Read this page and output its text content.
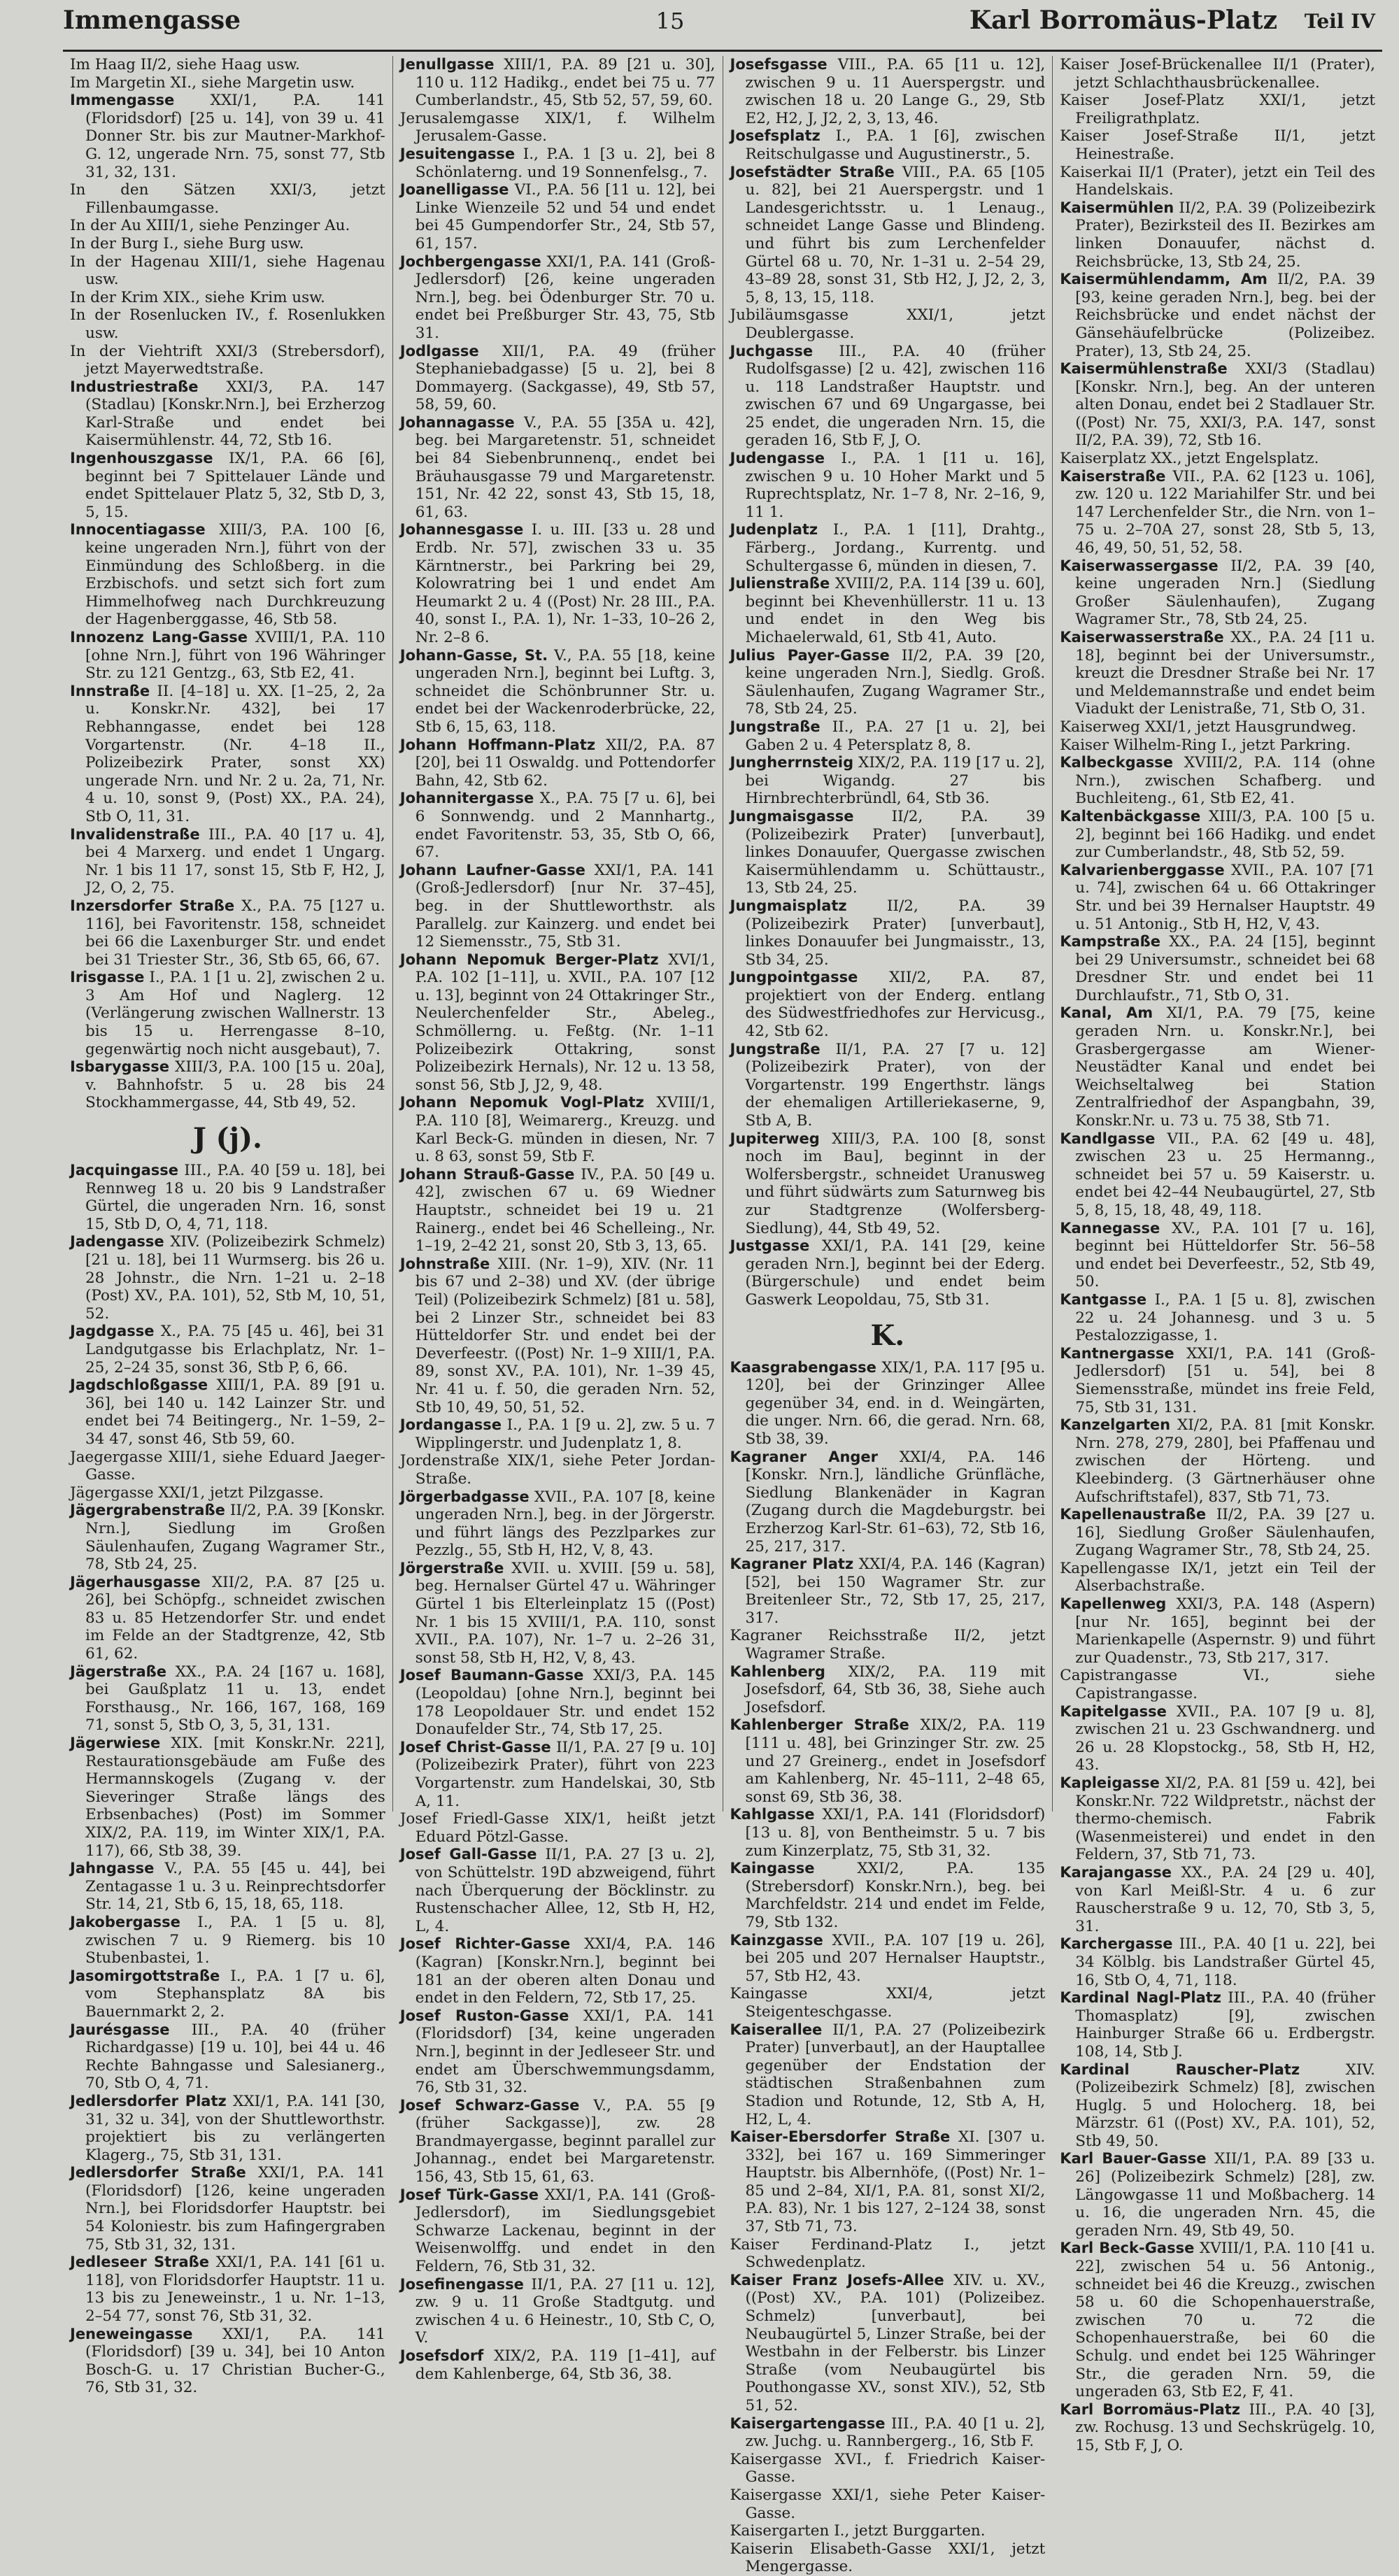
Immengasse	15	Karl Borromäus-Platz	Teil IV

Im Haag II/2, siehe Haag usw.

Im Margetin XI., siehe Margetin usw.

Immengasse XXI/1, P.A. 141 (Floridsdorf) [25 u. 14], von 39 u. 41 Donner Str. bis zur Mautner-Markhof-G. 12, ungerade Nrn. 75, sonst 77, Stb 31, 32, 131.

In den Sätzen XXI/3, jetzt Fillenbaumgasse.

In der Au XIII/1, siehe Penzinger Au.

In der Burg I., siehe Burg usw.

In der Hagenau XIII/1, siehe Hagenau usw.

In der Krim XIX., siehe Krim usw.

In der Rosenlucken IV., f. Rosenlukken usw.

In der Viehtrift XXI/3 (Strebersdorf), jetzt Mayerwedtstraße.

Industriestraße XXI/3, P.A. 147 (Stadlau) [Konskr.Nrn.], bei Erzherzog Karl-Straße und endet bei Kaisermühlenstr. 44, 72, Stb 16.

Ingenhouszgasse IX/1, P.A. 66 [6], beginnt bei 7 Spittelauer Lände und endet Spittelauer Platz 5, 32, Stb D, 3, 5, 15.

Innocentiagasse XIII/3, P.A. 100 [6, keine ungeraden Nrn.], führt von der Einmündung des Schloßberg. in die Erzbischofs. und setzt sich fort zum Himmelhofweg nach Durchkreuzung der Hagenberggasse, 46, Stb 58.

Innozenz Lang-Gasse XVIII/1, P.A. 110 [ohne Nrn.], führt von 196 Währinger Str. zu 121 Gentzg., 63, Stb E2, 41.

Innstraße II. [4–18] u. XX. [1–25, 2, 2a u. Konskr.Nr. 432], bei 17 Rebhanngasse, endet bei 128 Vorgartenstr. (Nr. 4–18 II., Polizeibezirk Prater, sonst XX) ungerade Nrn. und Nr. 2 u. 2a, 71, Nr. 4 u. 10, sonst 9, (Post) XX., P.A. 24), Stb O, 11, 31.

Invalidenstraße III., P.A. 40 [17 u. 4], bei 4 Marxerg. und endet 1 Ungarg. Nr. 1 bis 11 17, sonst 15, Stb F, H2, J, J2, O, 2, 75.

Inzersdorfer Straße X., P.A. 75 [127 u. 116], bei Favoritenstr. 158, schneidet bei 66 die Laxenburger Str. und endet bei 31 Triester Str., 36, Stb 65, 66, 67.

Irisgasse I., P.A. 1 [1 u. 2], zwischen 2 u. 3 Am Hof und Naglerg. 12 (Verlängerung zwischen Wallnerstr. 13 bis 15 u. Herrengasse 8–10, gegenwärtig noch nicht ausgebaut), 7.

Isbarygasse XIII/3, P.A. 100 [15 u. 20a], v. Bahnhofstr. 5 u. 28 bis 24 Stockhammergasse, 44, Stb 49, 52.

J (j).

Jacquingasse III., P.A. 40 [59 u. 18], bei Rennweg 18 u. 20 bis 9 Landstraßer Gürtel, die ungeraden Nrn. 16, sonst 15, Stb D, O, 4, 71, 118.

Jadengasse XIV. (Polizeibezirk Schmelz) [21 u. 18], bei 11 Wurmserg. bis 26 u. 28 Johnstr., die Nrn. 1–21 u. 2–18 (Post) XV., P.A. 101), 52, Stb M, 10, 51, 52.

Jagdgasse X., P.A. 75 [45 u. 46], bei 31 Landgutgasse bis Erlachplatz, Nr. 1–25, 2–24 35, sonst 36, Stb P, 6, 66.

Jagdschloßgasse XIII/1, P.A. 89 [91 u. 36], bei 140 u. 142 Lainzer Str. und endet bei 74 Beitingerg., Nr. 1–59, 2–34 47, sonst 46, Stb 59, 60.

Jaegergasse XIII/1, siehe Eduard Jaeger-Gasse.

Jägergasse XXI/1, jetzt Pilzgasse.

Jägergrabenstraße II/2, P.A. 39 [Konskr. Nrn.], Siedlung im Großen Säulenhaufen, Zugang Wagramer Str., 78, Stb 24, 25.

Jägerhausgasse XII/2, P.A. 87 [25 u. 26], bei Schöpfg., schneidet zwischen 83 u. 85 Hetzendorfer Str. und endet im Felde an der Stadtgrenze, 42, Stb 61, 62.

Jägerstraße XX., P.A. 24 [167 u. 168], bei Gaußplatz 11 u. 13, endet Forsthausg., Nr. 166, 167, 168, 169 71, sonst 5, Stb O, 3, 5, 31, 131.

Jägerwiese XIX. [mit Konskr.Nr. 221], Restaurationsgebäude am Fuße des Hermannskogels (Zugang v. der Sieveringer Straße längs des Erbsenbaches) (Post) im Sommer XIX/2, P.A. 119, im Winter XIX/1, P.A. 117), 66, Stb 38, 39.

Jahngasse V., P.A. 55 [45 u. 44], bei Zentagasse 1 u. 3 u. Reinprechtsdorfer Str. 14, 21, Stb 6, 15, 18, 65, 118.

Jakobergasse I., P.A. 1 [5 u. 8], zwischen 7 u. 9 Riemerg. bis 10 Stubenbastei, 1.

Jasomirgottstraße I., P.A. 1 [7 u. 6], vom Stephansplatz 8A bis Bauernmarkt 2, 2.

Jaurésgasse III., P.A. 40 (früher Richardgasse) [19 u. 10], bei 44 u. 46 Rechte Bahngasse und Salesianerg., 70, Stb O, 4, 71.

Jedlersdorfer Platz XXI/1, P.A. 141 [30, 31, 32 u. 34], von der Shuttleworthstr. projektiert bis zu verlängerten Klagerg., 75, Stb 31, 131.

Jedlersdorfer Straße XXI/1, P.A. 141 (Floridsdorf) [126, keine ungeraden Nrn.], bei Floridsdorfer Hauptstr. bei 54 Koloniestr. bis zum Hafingergraben 75, Stb 31, 32, 131.

Jedleseer Straße XXI/1, P.A. 141 [61 u. 118], von Floridsdorfer Hauptstr. 11 u. 13 bis zu Jeneweinstr., 1 u. Nr. 1–13, 2–54 77, sonst 76, Stb 31, 32.

Jeneweingasse XXI/1, P.A. 141 (Floridsdorf) [39 u. 34], bei 10 Anton Bosch-G. u. 17 Christian Bucher-G., 76, Stb 31, 32.

Jenullgasse XIII/1, P.A. 89 [21 u. 30], 110 u. 112 Hadikg., endet bei 75 u. 77 Cumberlandstr., 45, Stb 52, 57, 59, 60.

Jerusalemgasse XIX/1, f. Wilhelm Jerusalem-Gasse.

Jesuitengasse I., P.A. 1 [3 u. 2], bei 8 Schönlaterng. und 19 Sonnenfelsg., 7.

Joanelligasse VI., P.A. 56 [11 u. 12], bei Linke Wienzeile 52 und 54 und endet bei 45 Gumpendorfer Str., 24, Stb 57, 61, 157.

Jochbergengasse XXI/1, P.A. 141 (Groß-Jedlersdorf) [26, keine ungeraden Nrn.], beg. bei Ödenburger Str. 70 u. endet bei Preßburger Str. 43, 75, Stb 31.

Jodlgasse XII/1, P.A. 49 (früher Stephaniebadgasse) [5 u. 2], bei 8 Dommayerg. (Sackgasse), 49, Stb 57, 58, 59, 60.

Johannagasse V., P.A. 55 [35A u. 42], beg. bei Margaretenstr. 51, schneidet bei 84 Siebenbrunnenq., endet bei Bräuhausgasse 79 und Margaretenstr. 151, Nr. 42 22, sonst 43, Stb 15, 18, 61, 63.

Johannesgasse I. u. III. [33 u. 28 und Erdb. Nr. 57], zwischen 33 u. 35 Kärntnerstr., bei Parkring bei 29, Kolowratring bei 1 und endet Am Heumarkt 2 u. 4 ((Post) Nr. 28 III., P.A. 40, sonst I., P.A. 1), Nr. 1–33, 10–26 2, Nr. 2–8 6.

Johann-Gasse, St. V., P.A. 55 [18, keine ungeraden Nrn.], beginnt bei Luftg. 3, schneidet die Schönbrunner Str. u. endet bei der Wackenroderbrücke, 22, Stb 6, 15, 63, 118.

Johann Hoffmann-Platz XII/2, P.A. 87 [20], bei 11 Oswaldg. und Pottendorfer Bahn, 42, Stb 62.

Johannitergasse X., P.A. 75 [7 u. 6], bei 6 Sonnwendg. und 2 Mannhartg., endet Favoritenstr. 53, 35, Stb O, 66, 67.

Johann Laufner-Gasse XXI/1, P.A. 141 (Groß-Jedlersdorf) [nur Nr. 37–45], beg. in der Shuttleworthstr. als Parallelg. zur Kainzerg. und endet bei 12 Siemensstr., 75, Stb 31.

Johann Nepomuk Berger-Platz XVI/1, P.A. 102 [1–11], u. XVII., P.A. 107 [12 u. 13], beginnt von 24 Ottakringer Str., Neulerchenfelder Str., Abeleg., Schmöllerng. u. Feßtg. (Nr. 1–11 Polizeibezirk Ottakring, sonst Polizeibezirk Hernals), Nr. 12 u. 13 58, sonst 56, Stb J, J2, 9, 48.

Johann Nepomuk Vogl-Platz XVIII/1, P.A. 110 [8], Weimarerg., Kreuzg. und Karl Beck-G. münden in diesen, Nr. 7 u. 8 63, sonst 59, Stb F.

Johann Strauß-Gasse IV., P.A. 50 [49 u. 42], zwischen 67 u. 69 Wiedner Hauptstr., schneidet bei 19 u. 21 Rainerg., endet bei 46 Schelleing., Nr. 1–19, 2–42 21, sonst 20, Stb 3, 13, 65.

Johnstraße XIII. (Nr. 1–9), XIV. (Nr. 11 bis 67 und 2–38) und XV. (der übrige Teil) (Polizeibezirk Schmelz) [81 u. 58], bei 2 Linzer Str., schneidet bei 83 Hütteldorfer Str. und endet bei der Deverfeestr. ((Post) Nr. 1–9 XIII/1, P.A. 89, sonst XV., P.A. 101), Nr. 1–39 45, Nr. 41 u. f. 50, die geraden Nrn. 52, Stb 10, 49, 50, 51, 52.

Jordangasse I., P.A. 1 [9 u. 2], zw. 5 u. 7 Wipplingerstr. und Judenplatz 1, 8.

Jordenstraße XIX/1, siehe Peter Jordan-Straße.

Jörgerbadgasse XVII., P.A. 107 [8, keine ungeraden Nrn.], beg. in der Jörgerstr. und führt längs des Pezzlparkes zur Pezzlg., 55, Stb H, H2, V, 8, 43.

Jörgerstraße XVII. u. XVIII. [59 u. 58], beg. Hernalser Gürtel 47 u. Währinger Gürtel 1 bis Elterleinplatz 15 ((Post) Nr. 1 bis 15 XVIII/1, P.A. 110, sonst XVII., P.A. 107), Nr. 1–7 u. 2–26 31, sonst 58, Stb H, H2, V, 8, 43.

Josef Baumann-Gasse XXI/3, P.A. 145 (Leopoldau) [ohne Nrn.], beginnt bei 178 Leopoldauer Str. und endet 152 Donaufelder Str., 74, Stb 17, 25.

Josef Christ-Gasse II/1, P.A. 27 [9 u. 10] (Polizeibezirk Prater), führt von 223 Vorgartenstr. zum Handelskai, 30, Stb A, 11.

Josef Friedl-Gasse XIX/1, heißt jetzt Eduard Pötzl-Gasse.

Josef Gall-Gasse II/1, P.A. 27 [3 u. 2], von Schüttelstr. 19D abzweigend, führt nach Überquerung der Böcklinstr. zu Rustenschacher Allee, 12, Stb H, H2, L, 4.

Josef Richter-Gasse XXI/4, P.A. 146 (Kagran) [Konskr.Nrn.], beginnt bei 181 an der oberen alten Donau und endet in den Feldern, 72, Stb 17, 25.

Josef Ruston-Gasse XXI/1, P.A. 141 (Floridsdorf) [34, keine ungeraden Nrn.], beginnt in der Jedleseer Str. und endet am Überschwemmungsdamm, 76, Stb 31, 32.

Josef Schwarz-Gasse V., P.A. 55 [9 (früher Sackgasse)], zw. 28 Brandmayergasse, beginnt parallel zur Johannag., endet bei Margaretenstr. 156, 43, Stb 15, 61, 63.

Josef Türk-Gasse XXI/1, P.A. 141 (Groß-Jedlersdorf), im Siedlungsgebiet Schwarze Lackenau, beginnt in der Weisenwolffg. und endet in den Feldern, 76, Stb 31, 32.

Josefinengasse II/1, P.A. 27 [11 u. 12], zw. 9 u. 11 Große Stadtgutg. und zwischen 4 u. 6 Heinestr., 10, Stb C, O, V.

Josefsdorf XIX/2, P.A. 119 [1–41], auf dem Kahlenberge, 64, Stb 36, 38.

Josefsgasse VIII., P.A. 65 [11 u. 12], zwischen 9 u. 11 Auerspergstr. und zwischen 18 u. 20 Lange G., 29, Stb E2, H2, J, J2, 2, 3, 13, 46.

Josefsplatz I., P.A. 1 [6], zwischen Reitschulgasse und Augustinerstr., 5.

Josefstädter Straße VIII., P.A. 65 [105 u. 82], bei 21 Auerspergstr. und 1 Landesgerichtsstr. u. 1 Lenaug., schneidet Lange Gasse und Blindeng. und führt bis zum Lerchenfelder Gürtel 68 u. 70, Nr. 1–31 u. 2–54 29, 43–89 28, sonst 31, Stb H2, J, J2, 2, 3, 5, 8, 13, 15, 118.

Jubiläumsgasse XXI/1, jetzt Deublergasse.

Juchgasse III., P.A. 40 (früher Rudolfsgasse) [2 u. 42], zwischen 116 u. 118 Landstraßer Hauptstr. und zwischen 67 und 69 Ungargasse, bei 25 endet, die ungeraden Nrn. 15, die geraden 16, Stb F, J, O.

Judengasse I., P.A. 1 [11 u. 16], zwischen 9 u. 10 Hoher Markt und 5 Ruprechtsplatz, Nr. 1–7 8, Nr. 2–16, 9, 11 1.

Judenplatz I., P.A. 1 [11], Drahtg., Färberg., Jordang., Kurrentg. und Schultergasse 6, münden in diesen, 7.

Julienstraße XVIII/2, P.A. 114 [39 u. 60], beginnt bei Khevenhüllerstr. 11 u. 13 und endet in den Weg bis Michaelerwald, 61, Stb 41, Auto.

Julius Payer-Gasse II/2, P.A. 39 [20, keine ungeraden Nrn.], Siedlg. Groß. Säulenhaufen, Zugang Wagramer Str., 78, Stb 24, 25.

Jungstraße II., P.A. 27 [1 u. 2], bei Gaben 2 u. 4 Petersplatz 8, 8.

Jungherrnsteig XIX/2, P.A. 119 [17 u. 2], bei Wigandg. 27 bis Hirnbrechterbründl, 64, Stb 36.

Jungmaisgasse II/2, P.A. 39 (Polizeibezirk Prater) [unverbaut], linkes Donauufer, Quergasse zwischen Kaisermühlendamm u. Schüttaustr., 13, Stb 24, 25.

Jungmaisplatz II/2, P.A. 39 (Polizeibezirk Prater) [unverbaut], linkes Donauufer bei Jungmaisstr., 13, Stb 34, 25.

Jungpointgasse XII/2, P.A. 87, projektiert von der Enderg. entlang des Südwestfriedhofes zur Hervicusg., 42, Stb 62.

Jungstraße II/1, P.A. 27 [7 u. 12] (Polizeibezirk Prater), von der Vorgartenstr. 199 Engerthstr. längs der ehemaligen Artilleriekaserne, 9, Stb A, B.

Jupiterweg XIII/3, P.A. 100 [8, sonst noch im Bau], beginnt in der Wolfersbergstr., schneidet Uranusweg und führt südwärts zum Saturnweg bis zur Stadtgrenze (Wolfersberg-Siedlung), 44, Stb 49, 52.

Justgasse XXI/1, P.A. 141 [29, keine geraden Nrn.], beginnt bei der Ederg. (Bürgerschule) und endet beim Gaswerk Leopoldau, 75, Stb 31.

K.

Kaasgrabengasse XIX/1, P.A. 117 [95 u. 120], bei der Grinzinger Allee gegenüber 34, end. in d. Weingärten, die unger. Nrn. 66, die gerad. Nrn. 68, Stb 38, 39.

Kagraner Anger XXI/4, P.A. 146 [Konskr. Nrn.], ländliche Grünfläche, Siedlung Blankenäder in Kagran (Zugang durch die Magdeburgstr. bei Erzherzog Karl-Str. 61–63), 72, Stb 16, 25, 217, 317.

Kagraner Platz XXI/4, P.A. 146 (Kagran) [52], bei 150 Wagramer Str. zur Breitenleer Str., 72, Stb 17, 25, 217, 317.

Kagraner Reichsstraße II/2, jetzt Wagramer Straße.

Kahlenberg XIX/2, P.A. 119 mit Josefsdorf, 64, Stb 36, 38, Siehe auch Josefsdorf.

Kahlenberger Straße XIX/2, P.A. 119 [111 u. 48], bei Grinzinger Str. zw. 25 und 27 Greinerg., endet in Josefsdorf am Kahlenberg, Nr. 45–111, 2–48 65, sonst 69, Stb 36, 38.

Kahlgasse XXI/1, P.A. 141 (Floridsdorf) [13 u. 8], von Bentheimstr. 5 u. 7 bis zum Kinzerplatz, 75, Stb 31, 32.

Kaingasse XXI/2, P.A. 135 (Strebersdorf) Konskr.Nrn.), beg. bei Marchfeldstr. 214 und endet im Felde, 79, Stb 132.

Kainzgasse XVII., P.A. 107 [19 u. 26], bei 205 und 207 Hernalser Hauptstr., 57, Stb H2, 43.

Kaingasse XXI/4, jetzt Steigenteschgasse.

Kaiserallee II/1, P.A. 27 (Polizeibezirk Prater) [unverbaut], an der Hauptallee gegenüber der Endstation der städtischen Straßenbahnen zum Stadion und Rotunde, 12, Stb A, H, H2, L, 4.

Kaiser-Ebersdorfer Straße XI. [307 u. 332], bei 167 u. 169 Simmeringer Hauptstr. bis Albernhöfe, ((Post) Nr. 1–85 und 2–84, XI/1, P.A. 81, sonst XI/2, P.A. 83), Nr. 1 bis 127, 2–124 38, sonst 37, Stb 71, 73.

Kaiser Ferdinand-Platz I., jetzt Schwedenplatz.

Kaiser Franz Josefs-Allee XIV. u. XV., ((Post) XV., P.A. 101) (Polizeibez. Schmelz) [unverbaut], bei Neubaugürtel 5, Linzer Straße, bei der Westbahn in der Felberstr. bis Linzer Straße (vom Neubaugürtel bis Pouthongasse XV., sonst XIV.), 52, Stb 51, 52.

Kaisergartengasse III., P.A. 40 [1 u. 2], zw. Juchg. u. Rannbergerg., 16, Stb F.

Kaisergasse XVI., f. Friedrich Kaiser-Gasse.

Kaisergasse XXI/1, siehe Peter Kaiser-Gasse.

Kaisergarten I., jetzt Burggarten.

Kaiserin Elisabeth-Gasse XXI/1, jetzt Mengergasse.

Kaiser Josef-Brückenallee II/1 (Prater), jetzt Schlachthausbrückenallee.

Kaiser Josef-Platz XXI/1, jetzt Freiligrathplatz.

Kaiser Josef-Straße II/1, jetzt Heinestraße.

Kaiserkai II/1 (Prater), jetzt ein Teil des Handelskais.

Kaisermühlen II/2, P.A. 39 (Polizeibezirk Prater), Bezirksteil des II. Bezirkes am linken Donauufer, nächst d. Reichsbrücke, 13, Stb 24, 25.

Kaisermühlendamm, Am II/2, P.A. 39 [93, keine geraden Nrn.], beg. bei der Reichsbrücke und endet nächst der Gänsehäufelbrücke (Polizeibez. Prater), 13, Stb 24, 25.

Kaisermühlenstraße XXI/3 (Stadlau) [Konskr. Nrn.], beg. An der unteren alten Donau, endet bei 2 Stadlauer Str. ((Post) Nr. 75, XXI/3, P.A. 147, sonst II/2, P.A. 39), 72, Stb 16.

Kaiserplatz XX., jetzt Engelsplatz.

Kaiserstraße VII., P.A. 62 [123 u. 106], zw. 120 u. 122 Mariahilfer Str. und bei 147 Lerchenfelder Str., die Nrn. von 1–75 u. 2–70A 27, sonst 28, Stb 5, 13, 46, 49, 50, 51, 52, 58.

Kaiserwassergasse II/2, P.A. 39 [40, keine ungeraden Nrn.] (Siedlung Großer Säulenhaufen), Zugang Wagramer Str., 78, Stb 24, 25.

Kaiserwasserstraße XX., P.A. 24 [11 u. 18], beginnt bei der Universumstr., kreuzt die Dresdner Straße bei Nr. 17 und Meldemannstraße und endet beim Viadukt der Lenistraße, 71, Stb O, 31.

Kaiserweg XXI/1, jetzt Hausgrundweg.

Kaiser Wilhelm-Ring I., jetzt Parkring.

Kalbeckgasse XVIII/2, P.A. 114 (ohne Nrn.), zwischen Schafberg. und Buchleiteng., 61, Stb E2, 41.

Kaltenbäckgasse XIII/3, P.A. 100 [5 u. 2], beginnt bei 166 Hadikg. und endet zur Cumberlandstr., 48, Stb 52, 59.

Kalvarienberggasse XVII., P.A. 107 [71 u. 74], zwischen 64 u. 66 Ottakringer Str. und bei 39 Hernalser Hauptstr. 49 u. 51 Antonig., Stb H, H2, V, 43.

Kampstraße XX., P.A. 24 [15], beginnt bei 29 Universumstr., schneidet bei 68 Dresdner Str. und endet bei 11 Durchlaufstr., 71, Stb O, 31.

Kanal, Am XI/1, P.A. 79 [75, keine geraden Nrn. u. Konskr.Nr.], bei Grasbergergasse am Wiener-Neustädter Kanal und endet bei Weichseltalweg bei Station Zentralfriedhof der Aspangbahn, 39, Konskr.Nr. u. 73 u. 75 38, Stb 71.

Kandlgasse VII., P.A. 62 [49 u. 48], zwischen 23 u. 25 Hermanng., schneidet bei 57 u. 59 Kaiserstr. u. endet bei 42–44 Neubaugürtel, 27, Stb 5, 8, 15, 18, 48, 49, 118.

Kannegasse XV., P.A. 101 [7 u. 16], beginnt bei Hütteldorfer Str. 56–58 und endet bei Deverfeestr., 52, Stb 49, 50.

Kantgasse I., P.A. 1 [5 u. 8], zwischen 22 u. 24 Johannesg. und 3 u. 5 Pestalozzigasse, 1.

Kantnergasse XXI/1, P.A. 141 (Groß-Jedlersdorf) [51 u. 54], bei 8 Siemensstraße, mündet ins freie Feld, 75, Stb 31, 131.

Kanzelgarten XI/2, P.A. 81 [mit Konskr. Nrn. 278, 279, 280], bei Pfaffenau und zwischen der Hörteng. und Kleebinderg. (3 Gärtnerhäuser ohne Aufschriftstafel), 837, Stb 71, 73.

Kapellenaustraße II/2, P.A. 39 [27 u. 16], Siedlung Großer Säulenhaufen, Zugang Wagramer Str., 78, Stb 24, 25.

Kapellengasse IX/1, jetzt ein Teil der Alserbachstraße.

Kapellenweg XXI/3, P.A. 148 (Aspern) [nur Nr. 165], beginnt bei der Marienkapelle (Aspernstr. 9) und führt zur Quadenstr., 73, Stb 217, 317.

Capistrangasse VI., siehe Capistrangasse.

Kapitelgasse XVII., P.A. 107 [9 u. 8], zwischen 21 u. 23 Gschwandnerg. und 26 u. 28 Klopstockg., 58, Stb H, H2, 43.

Kapleigasse XI/2, P.A. 81 [59 u. 42], bei Konskr.Nr. 722 Wildpretstr., nächst der thermo-chemisch. Fabrik (Wasenmeisterei) und endet in den Feldern, 37, Stb 71, 73.

Karajangasse XX., P.A. 24 [29 u. 40], von Karl Meißl-Str. 4 u. 6 zur Rauscherstraße 9 u. 12, 70, Stb 3, 5, 31.

Karchergasse III., P.A. 40 [1 u. 22], bei 34 Kölblg. bis Landstraßer Gürtel 45, 16, Stb O, 4, 71, 118.

Kardinal Nagl-Platz III., P.A. 40 (früher Thomasplatz) [9], zwischen Hainburger Straße 66 u. Erdbergstr. 108, 14, Stb J.

Kardinal Rauscher-Platz XIV. (Polizeibezirk Schmelz) [8], zwischen Huglg. 5 und Holocherg. 18, bei Märzstr. 61 ((Post) XV., P.A. 101), 52, Stb 49, 50.

Karl Bauer-Gasse XII/1, P.A. 89 [33 u. 26] (Polizeibezirk Schmelz) [28], zw. Längowgasse 11 und Moßbacherg. 14 u. 16, die ungeraden Nrn. 45, die geraden Nrn. 49, Stb 49, 50.

Karl Beck-Gasse XVIII/1, P.A. 110 [41 u. 22], zwischen 54 u. 56 Antonig., schneidet bei 46 die Kreuzg., zwischen 58 u. 60 die Schopenhauerstraße, zwischen 70 u. 72 die Schopenhauerstraße, bei 60 die Schulg. und endet bei 125 Währinger Str., die geraden Nrn. 59, die ungeraden 63, Stb E2, F, 41.

Karl Borromäus-Platz III., P.A. 40 [3], zw. Rochusg. 13 und Sechskrügelg. 10, 15, Stb F, J, O.
